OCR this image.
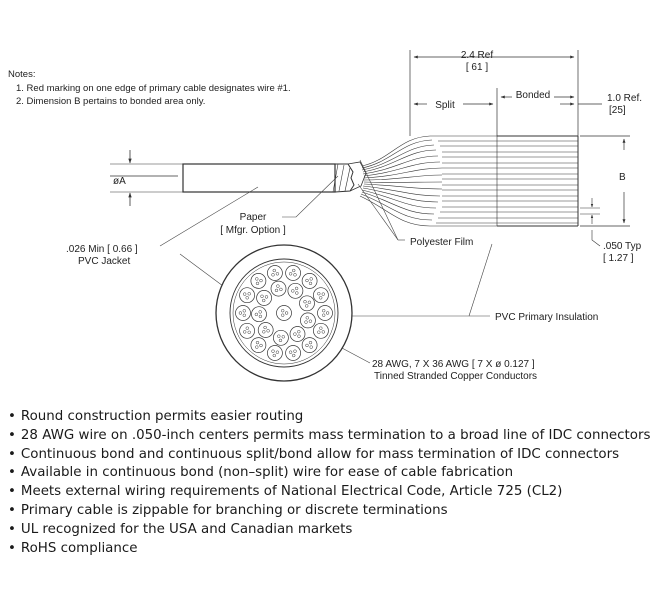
Notes:
1. Red marking on one edge of primary cable designates wire #1.
2. Dimension B pertains to bonded area only.
øA
2.4 Ref
[ 61 ]
Split
Bonded	1.0 Ref.
[25]
B
.050 Typ
[ 1.27 ]
Paper
[ Mfgr. Option ]
Polyester Film
.026 Min [ 0.66 ]
PVC Jacket
PVC Primary Insulation
28 AWG, 7 X 36 AWG [ 7 X ø 0.127 ]
Tinned Stranded Copper Conductors
• Round construction permits easier routing
• 28 AWG wire on .050-inch centers permits mass termination to a broad line of IDC connectors
• Continuous bond and continuous split/bond allow for mass termination of IDC connectors
• Available in continuous bond (non–split) wire for ease of cable fabrication
• Meets external wiring requirements of National Electrical Code, Article 725 (CL2)
• Primary cable is zippable for branching or discrete terminations
• UL recognized for the USA and Canadian markets
• RoHS compliance
